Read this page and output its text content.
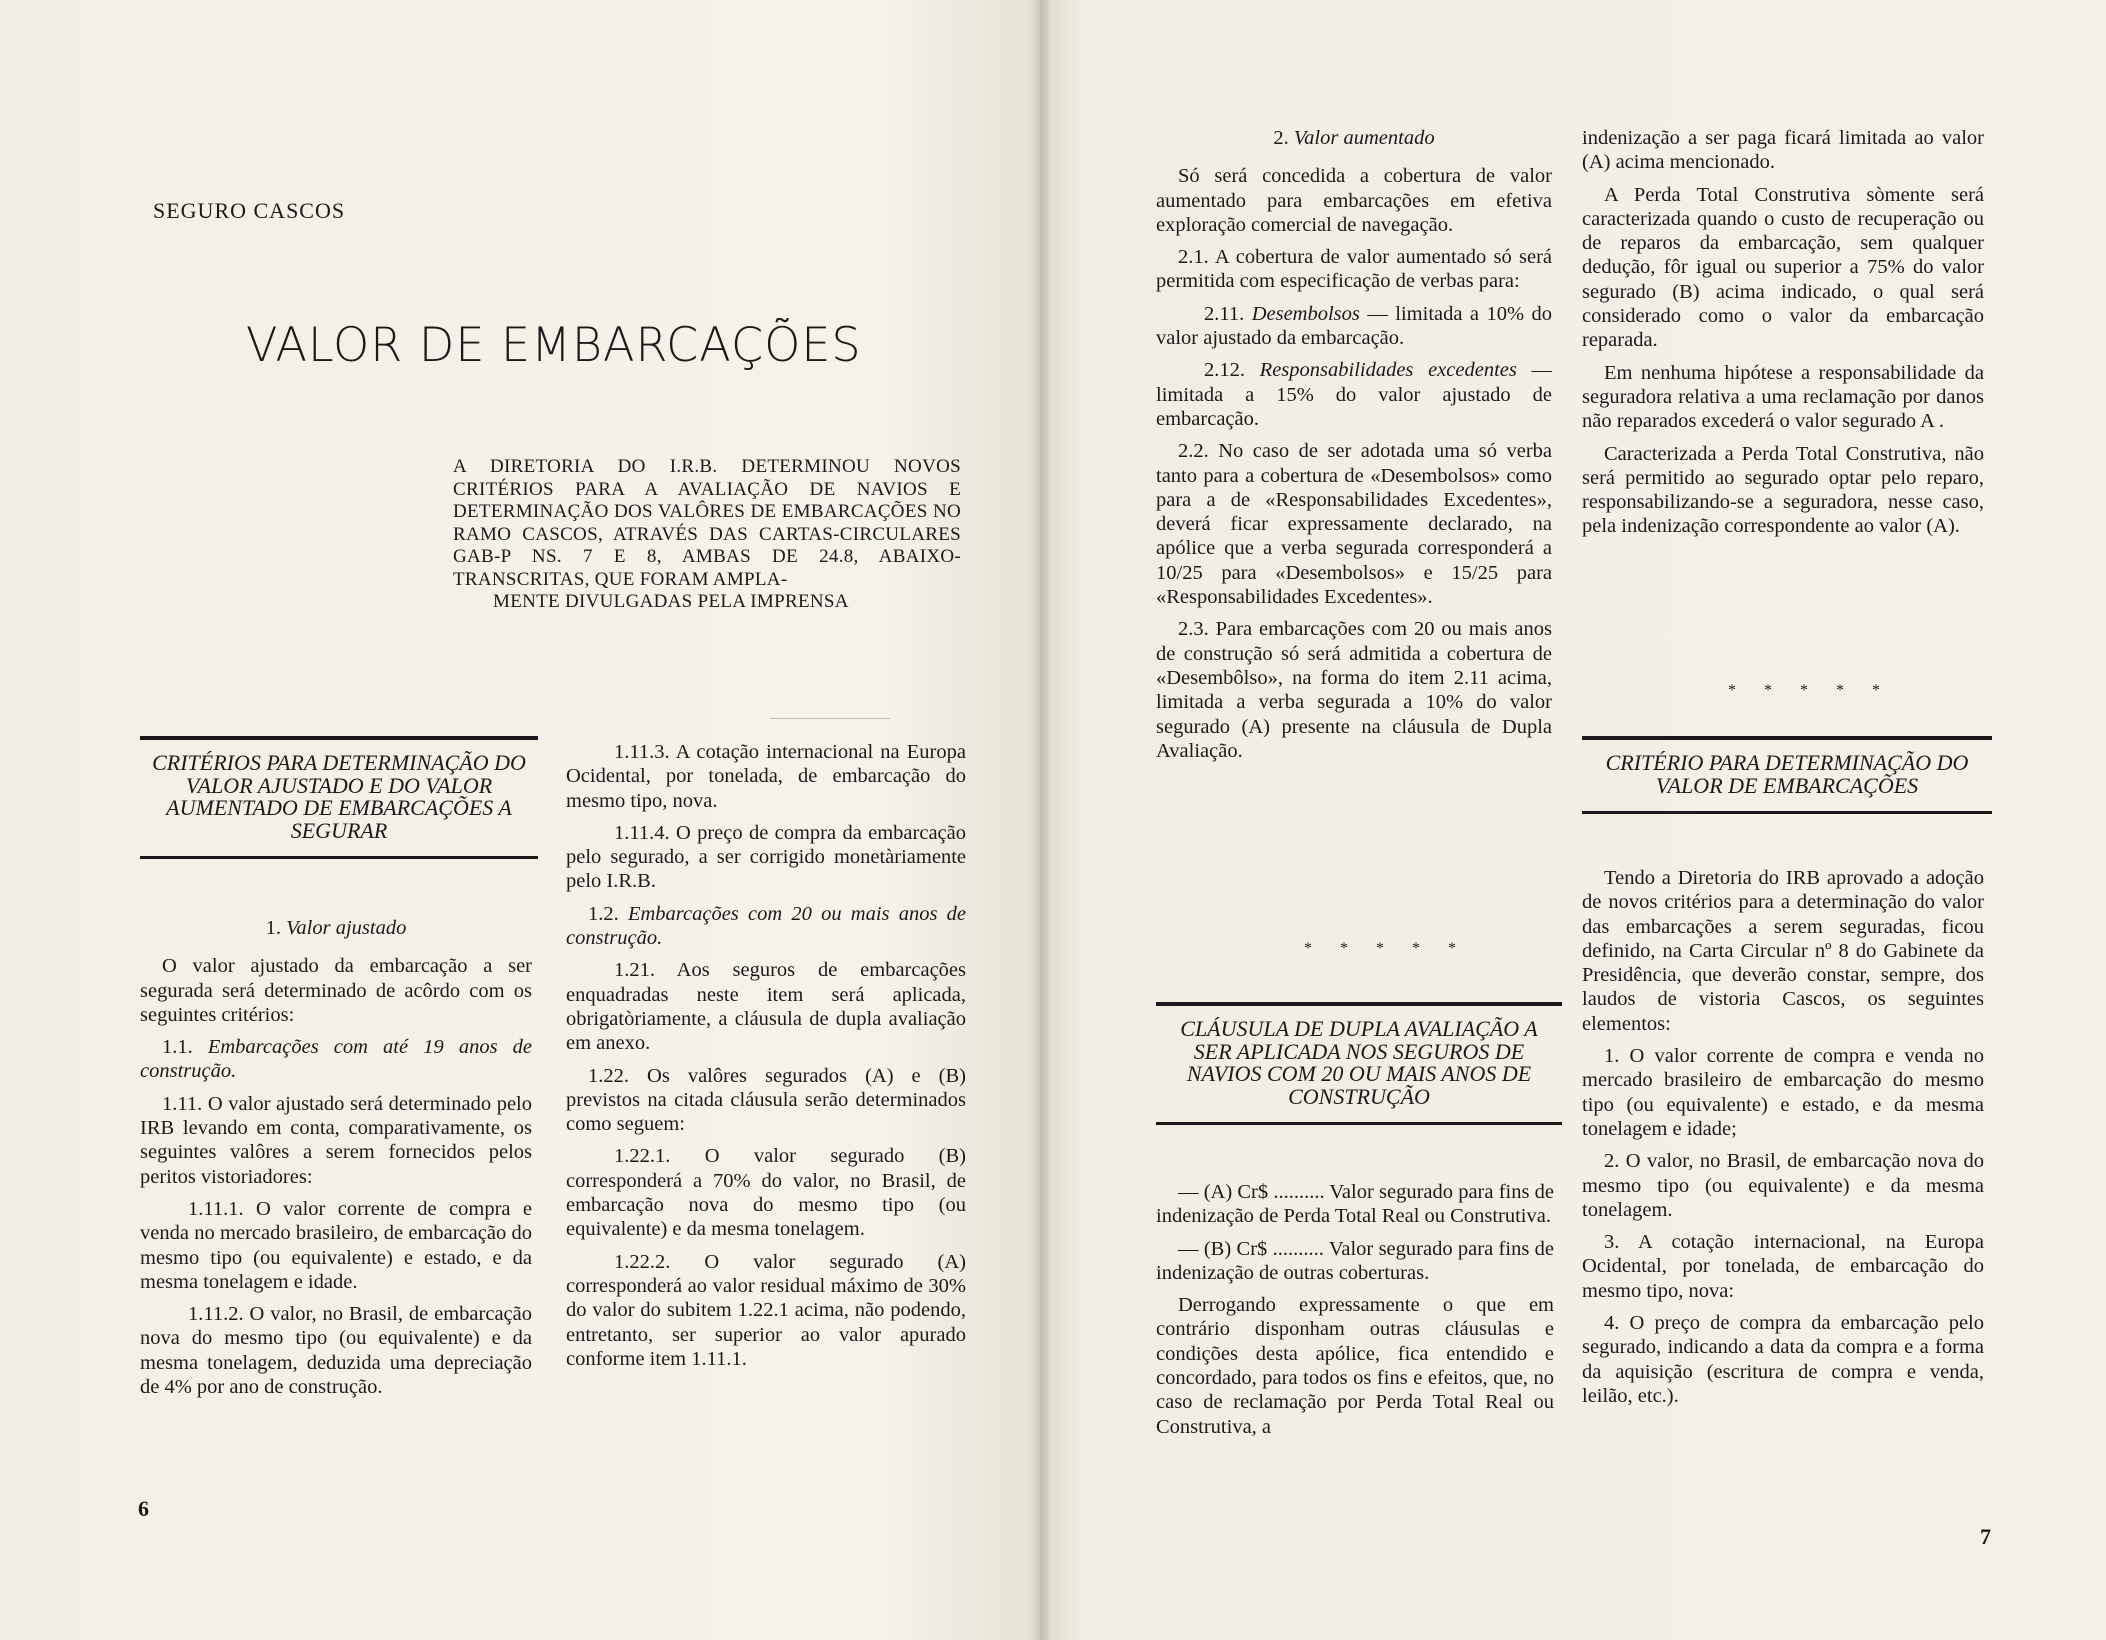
SEGURO CASCOS
VALOR DE EMBARCAÇÕES
A DIRETORIA DO I.R.B. DETERMINOU NOVOS CRITÉRIOS PARA A AVALIAÇÃO DE NAVIOS E DETERMINAÇÃO DOS VALÔRES DE EMBARCAÇÕES NO RAMO CASCOS, ATRAVÉS DAS CARTAS-CIRCULARES GAB-P NS. 7 E 8, AMBAS DE 24.8, ABAIXO-TRANSCRITAS, QUE FORAM AMPLA-
MENTE DIVULGADAS PELA IMPRENSA
CRITÉRIOS PARA DETERMINAÇÃO DO VALOR AJUSTADO E DO VALOR AUMENTADO DE EMBARCAÇÕES A SEGURAR

1. Valor ajustado

O valor ajustado da embarcação a ser segurada será determinado de acôrdo com os seguintes critérios:

1.1. Embarcações com até 19 anos de construção.

1.11. O valor ajustado será determinado pelo IRB levando em conta, comparativamente, os seguintes valôres a serem fornecidos pelos peritos vistoriadores:

1.11.1. O valor corrente de compra e venda no mercado brasileiro, de embarcação do mesmo tipo (ou equivalente) e estado, e da mesma tonelagem e idade.

1.11.2. O valor, no Brasil, de embarcação nova do mesmo tipo (ou equivalente) e da mesma tonelagem, deduzida uma depreciação de 4% por ano de construção.

1.11.3. A cotação internacional na Europa Ocidental, por tonelada, de embarcação do mesmo tipo, nova.

1.11.4. O preço de compra da embarcação pelo segurado, a ser corrigido monetàriamente pelo I.R.B.

1.2. Embarcações com 20 ou mais anos de construção.

1.21. Aos seguros de embarcações enquadradas neste item será aplicada, obrigatòriamente, a cláusula de dupla avaliação em anexo.

1.22. Os valôres segurados (A) e (B) previstos na citada cláusula serão determinados como seguem:

1.22.1. O valor segurado (B) corresponderá a 70% do valor, no Brasil, de embarcação nova do mesmo tipo (ou equivalente) e da mesma tonelagem.

1.22.2. O valor segurado (A) corresponderá ao valor residual máximo de 30% do valor do subitem 1.22.1 acima, não podendo, entretanto, ser superior ao valor apurado conforme item 1.11.1.

6

2. Valor aumentado

Só será concedida a cobertura de valor aumentado para embarcações em efetiva exploração comercial de navegação.

2.1. A cobertura de valor aumentado só será permitida com especificação de verbas para:

2.11. Desembolsos — limitada a 10% do valor ajustado da embarcação.

2.12. Responsabilidades excedentes — limitada a 15% do valor ajustado de embarcação.

2.2. No caso de ser adotada uma só verba tanto para a cobertura de «Desembolsos» como para a de «Responsabilidades Excedentes», deverá ficar expressamente declarado, na apólice que a verba segurada corresponderá a 10/25 para «Desembolsos» e 15/25 para «Responsabilidades Excedentes».

2.3. Para embarcações com 20 ou mais anos de construção só será admitida a cobertura de «Desembôlso», na forma do item 2.11 acima, limitada a verba segurada a 10% do valor segurado (A) presente na cláusula de Dupla Avaliação.

* * * * *
CLÁUSULA DE DUPLA AVALIAÇÃO A SER APLICADA NOS SEGUROS DE NAVIOS COM 20 OU MAIS ANOS DE CONSTRUÇÃO

— (A) Cr$ .......... Valor segurado para fins de indenização de Perda Total Real ou Construtiva.

— (B) Cr$ .......... Valor segurado para fins de indenização de outras coberturas.

Derrogando expressamente o que em contrário disponham outras cláusulas e condições desta apólice, fica entendido e concordado, para todos os fins e efeitos, que, no caso de reclamação por Perda Total Real ou Construtiva, a

indenização a ser paga ficará limitada ao valor (A) acima mencionado.

A Perda Total Construtiva sòmente será caracterizada quando o custo de recuperação ou de reparos da embarcação, sem qualquer dedução, fôr igual ou superior a 75% do valor segurado (B) acima indicado, o qual será considerado como o valor da embarcação reparada.

Em nenhuma hipótese a responsabilidade da seguradora relativa a uma reclamação por danos não reparados excederá o valor segurado A .

Caracterizada a Perda Total Construtiva, não será permitido ao segurado optar pelo reparo, responsabilizando-se a seguradora, nesse caso, pela indenização correspondente ao valor (A).

* * * * *
CRITÉRIO PARA DETERMINAÇÃO DO VALOR DE EMBARCAÇÕES

Tendo a Diretoria do IRB aprovado a adoção de novos critérios para a determinação do valor das embarcações a serem seguradas, ficou definido, na Carta Circular nº 8 do Gabinete da Presidência, que deverão constar, sempre, dos laudos de vistoria Cascos, os seguintes elementos:

1. O valor corrente de compra e venda no mercado brasileiro de embarcação do mesmo tipo (ou equivalente) e estado, e da mesma tonelagem e idade;

2. O valor, no Brasil, de embarcação nova do mesmo tipo (ou equivalente) e da mesma tonelagem.

3. A cotação internacional, na Europa Ocidental, por tonelada, de embarcação do mesmo tipo, nova:

4. O preço de compra da embarcação pelo segurado, indicando a data da compra e a forma da aquisição (escritura de compra e venda, leilão, etc.).

7
